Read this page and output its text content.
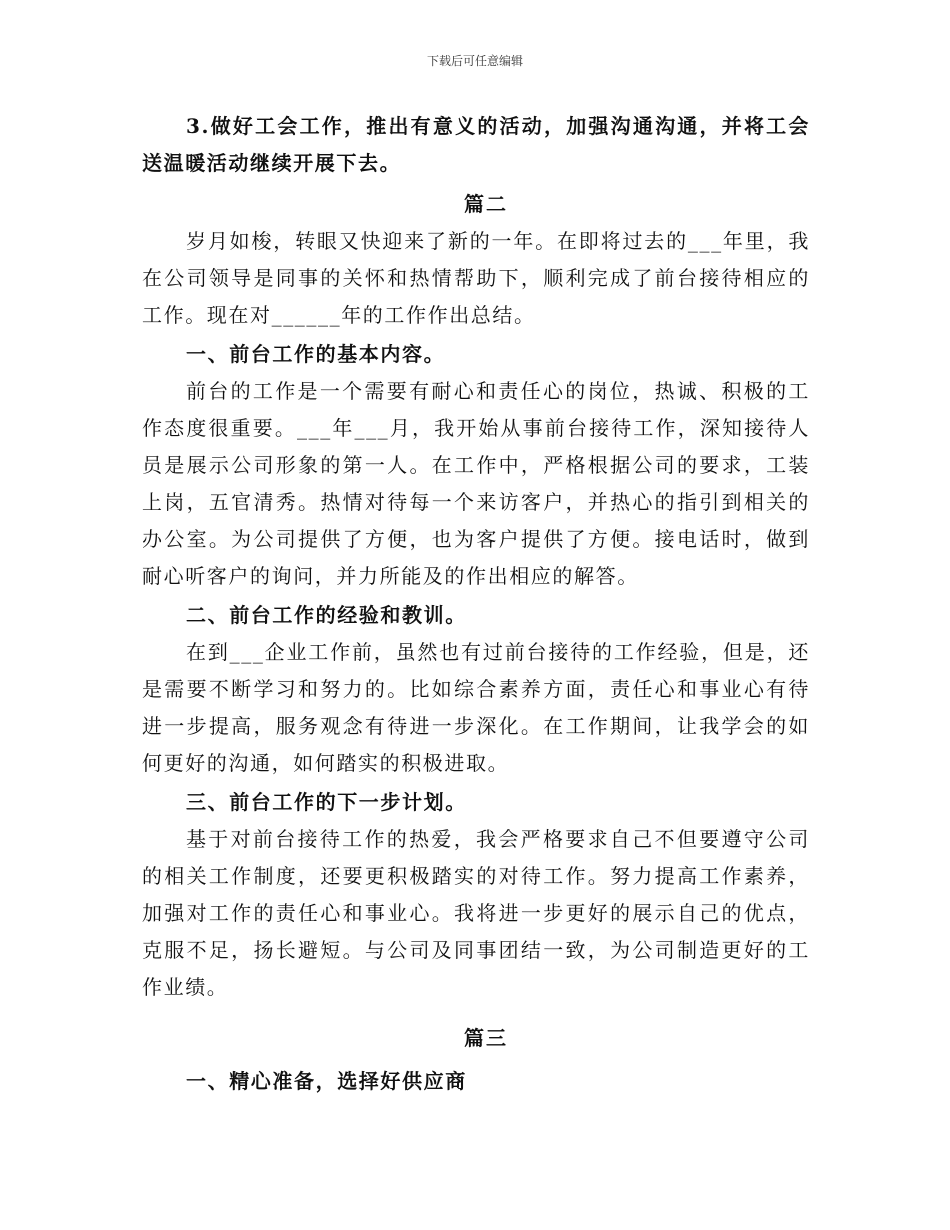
下载后可任意编辑

3.做好工会工作，推出有意义的活动，加强沟通沟通，并将工会送温暖活动继续开展下去。

篇二

岁月如梭，转眼又快迎来了新的一年。在即将过去的___年里，我在公司领导是同事的关怀和热情帮助下，顺利完成了前台接待相应的工作。现在对______年的工作作出总结。

一、前台工作的基本内容。

前台的工作是一个需要有耐心和责任心的岗位，热诚、积极的工作态度很重要。___年___月，我开始从事前台接待工作，深知接待人员是展示公司形象的第一人。在工作中，严格根据公司的要求，工装上岗，五官清秀。热情对待每一个来访客户，并热心的指引到相关的办公室。为公司提供了方便，也为客户提供了方便。接电话时，做到耐心听客户的询问，并力所能及的作出相应的解答。

二、前台工作的经验和教训。

在到___企业工作前，虽然也有过前台接待的工作经验，但是，还是需要不断学习和努力的。比如综合素养方面，责任心和事业心有待进一步提高，服务观念有待进一步深化。在工作期间，让我学会的如何更好的沟通，如何踏实的积极进取。

三、前台工作的下一步计划。

基于对前台接待工作的热爱，我会严格要求自己不但要遵守公司的相关工作制度，还要更积极踏实的对待工作。努力提高工作素养，加强对工作的责任心和事业心。我将进一步更好的展示自己的优点，克服不足，扬长避短。与公司及同事团结一致，为公司制造更好的工作业绩。

篇三

一、精心准备，选择好供应商
